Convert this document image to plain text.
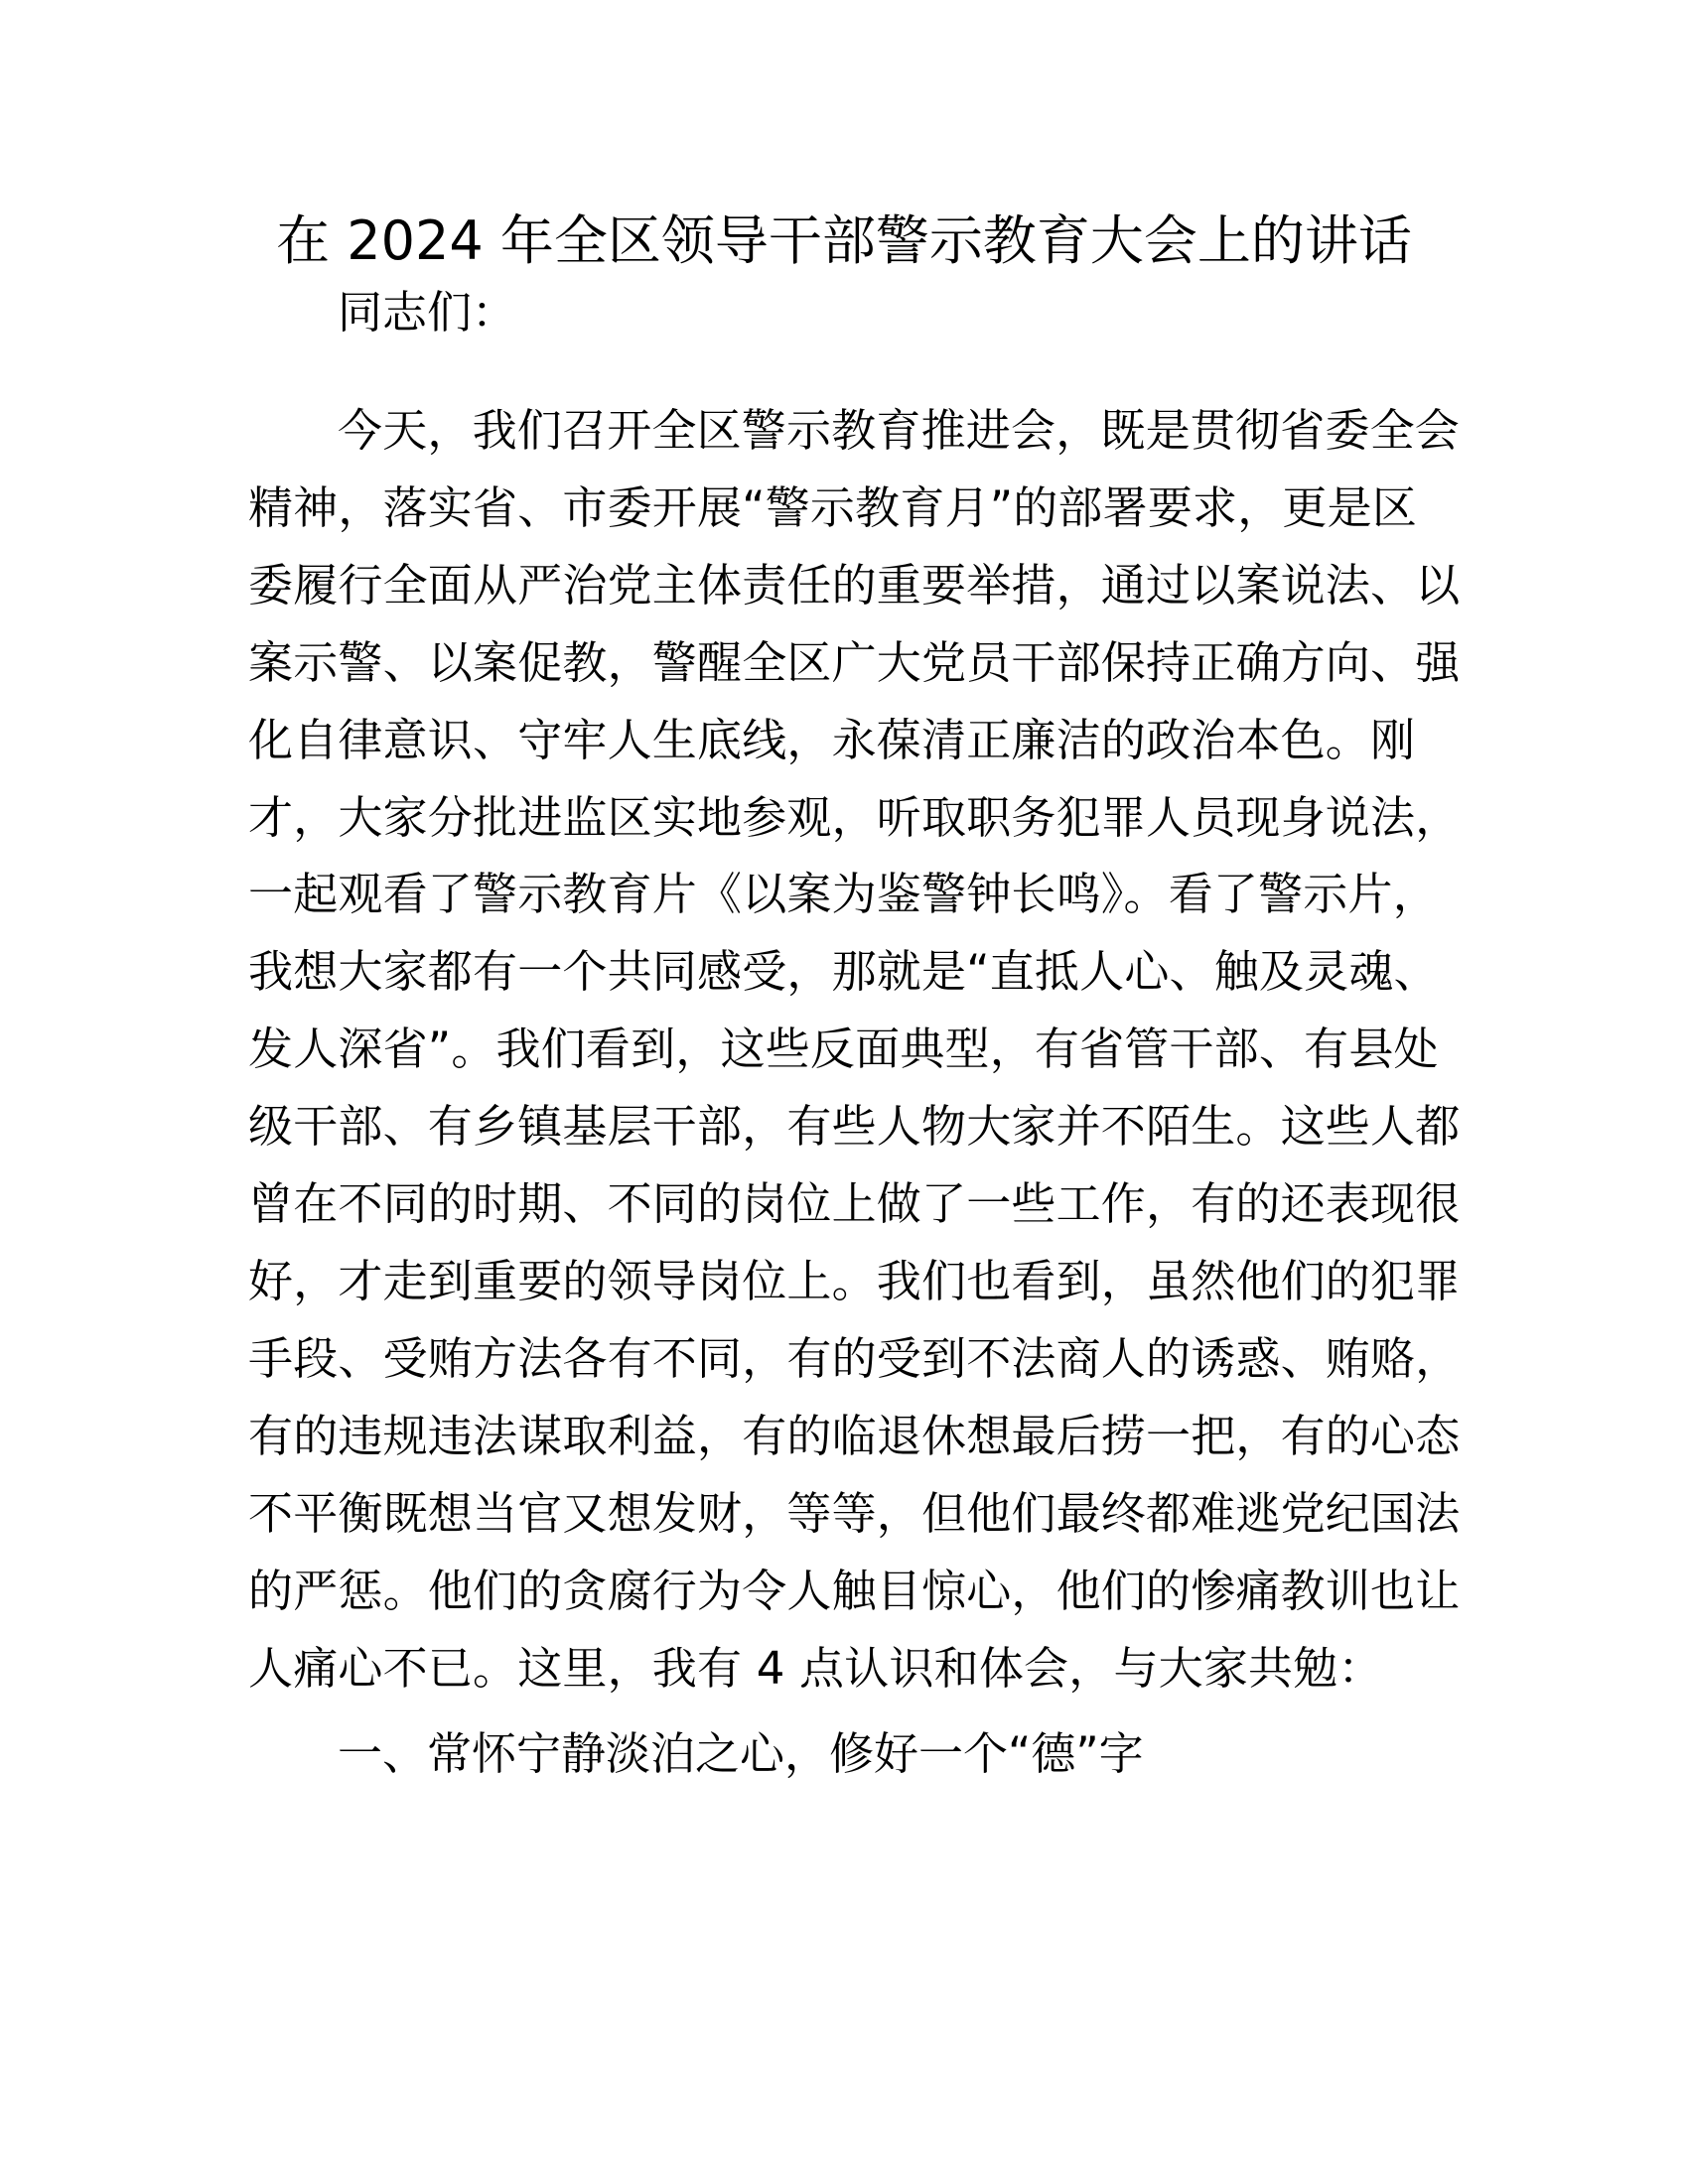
在 2024 年全区领导干部警示教育大会上的讲话
同志们：
今天，我们召开全区警示教育推进会，既是贯彻省委全会
精神，落实省、市委开展“警示教育月”的部署要求，更是区
委履行全面从严治党主体责任的重要举措，通过以案说法、以
案示警、以案促教，警醒全区广大党员干部保持正确方向、强
化自律意识、守牢人生底线，永葆清正廉洁的政治本色。刚
才，大家分批进监区实地参观，听取职务犯罪人员现身说法，
一起观看了警示教育片《以案为鉴警钟长鸣》。看了警示片，
我想大家都有一个共同感受，那就是“直抵人心、触及灵魂、
发人深省”。我们看到，这些反面典型，有省管干部、有县处
级干部、有乡镇基层干部，有些人物大家并不陌生。这些人都
曾在不同的时期、不同的岗位上做了一些工作，有的还表现很
好，才走到重要的领导岗位上。我们也看到，虽然他们的犯罪
手段、受贿方法各有不同，有的受到不法商人的诱惑、贿赂，
有的违规违法谋取利益，有的临退休想最后捞一把，有的心态
不平衡既想当官又想发财，等等，但他们最终都难逃党纪国法
的严惩。他们的贪腐行为令人触目惊心，他们的惨痛教训也让
人痛心不已。这里，我有 4 点认识和体会，与大家共勉：
一、常怀宁静淡泊之心，修好一个“德”字
